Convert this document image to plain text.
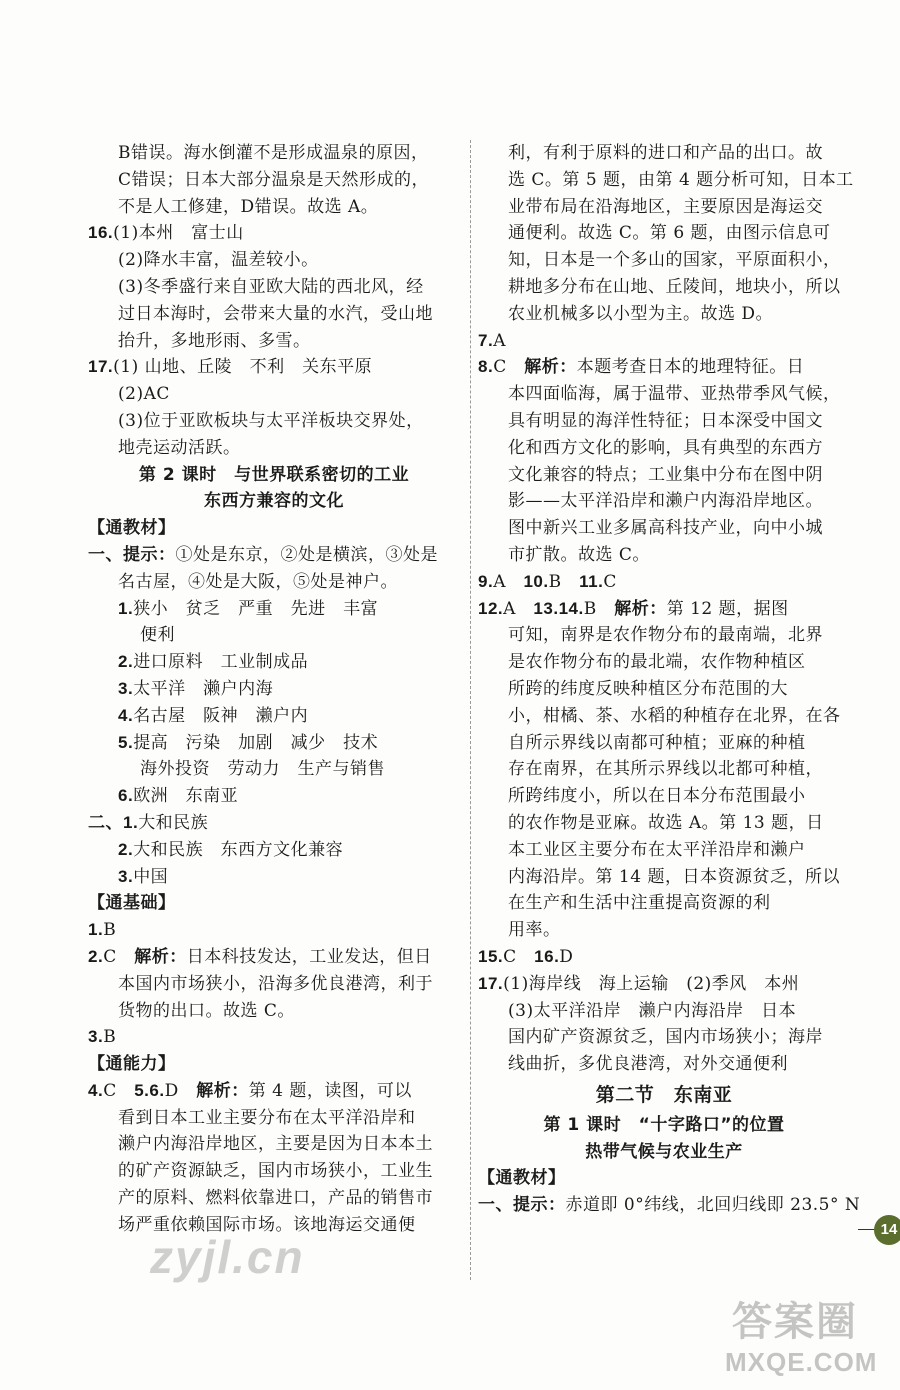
B错误。海水倒灌不是形成温泉的原因，
C错误；日本大部分温泉是天然形成的，
不是人工修建，D错误。故选 A。
16.(1)本州　富士山
(2)降水丰富，温差较小。
(3)冬季盛行来自亚欧大陆的西北风，经
过日本海时，会带来大量的水汽，受山地
抬升，多地形雨、多雪。
17.(1) 山地、丘陵　不利　关东平原
(2)AC
(3)位于亚欧板块与太平洋板块交界处，
地壳运动活跃。
第 2 课时　与世界联系密切的工业
东西方兼容的文化
【通教材】
一、提示：①处是东京，②处是横滨，③处是
名古屋，④处是大阪，⑤处是神户。
1.狭小　贫乏　严重　先进　丰富
便利
2.进口原料　工业制成品
3.太平洋　濑户内海
4.名古屋　阪神　濑户内
5.提高　污染　加剧　减少　技术
海外投资　劳动力　生产与销售
6.欧洲　东南亚
二、1.大和民族
2.大和民族　东西方文化兼容
3.中国
【通基础】
1.B
2.C　解析：日本科技发达，工业发达，但日
本国内市场狭小，沿海多优良港湾，利于
货物的出口。故选 C。
3.B
【通能力】
4.C　5.6.D　解析：第 4 题，读图，可以
看到日本工业主要分布在太平洋沿岸和
濑户内海沿岸地区，主要是因为日本本土
的矿产资源缺乏，国内市场狭小，工业生
产的原料、燃料依靠进口，产品的销售市
场严重依赖国际市场。该地海运交通便
利，有利于原料的进口和产品的出口。故
选 C。第 5 题，由第 4 题分析可知，日本工
业带布局在沿海地区，主要原因是海运交
通便利。故选 C。第 6 题，由图示信息可
知，日本是一个多山的国家，平原面积小，
耕地多分布在山地、丘陵间，地块小，所以
农业机械多以小型为主。故选 D。
7.A
8.C　解析：本题考查日本的地理特征。日
本四面临海，属于温带、亚热带季风气候，
具有明显的海洋性特征；日本深受中国文
化和西方文化的影响，具有典型的东西方
文化兼容的特点；工业集中分布在图中阴
影——太平洋沿岸和濑户内海沿岸地区。
图中新兴工业多属高科技产业，向中小城
市扩散。故选 C。
9.A　10.B　11.C
12.A　13.14.B　解析：第 12 题，据图
可知，南界是农作物分布的最南端，北界
是农作物分布的最北端，农作物种植区
所跨的纬度反映种植区分布范围的大
小，柑橘、茶、水稻的种植存在北界，在各
自所示界线以南都可种植；亚麻的种植
存在南界，在其所示界线以北都可种植，
所跨纬度小，所以在日本分布范围最小
的农作物是亚麻。故选 A。第 13 题，日
本工业区主要分布在太平洋沿岸和濑户
内海沿岸。第 14 题，日本资源贫乏，所以
在生产和生活中注重提高资源的利
用率。
15.C　16.D
17.(1)海岸线　海上运输　(2)季风　本州
(3)太平洋沿岸　濑户内海沿岸　日本
国内矿产资源贫乏，国内市场狭小；海岸
线曲折，多优良港湾，对外交通便利
第二节　东南亚
第 1 课时　“十字路口”的位置
热带气候与农业生产
【通教材】
一、提示：赤道即 0°纬线，北回归线即 23.5° N
zyjl.cn
答案圈
MXQE.COM
14
